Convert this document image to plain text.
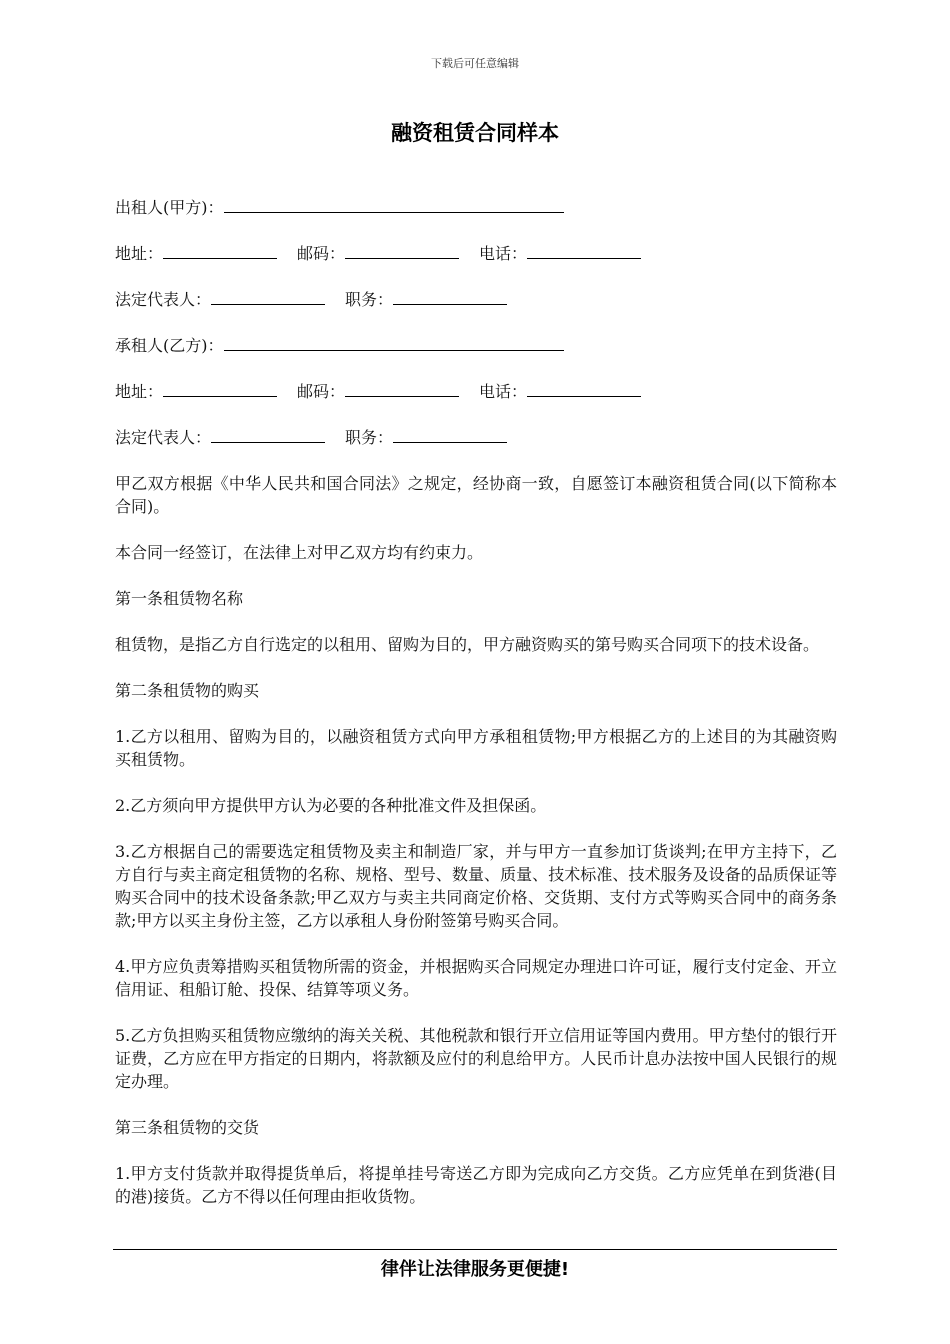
下载后可任意编辑
融资租赁合同样本
出租人(甲方)：
地址：	邮码：	电话：
法定代表人：	职务：
承租人(乙方)：
地址：	邮码：	电话：
法定代表人：	职务：

甲乙双方根据《中华人民共和国合同法》之规定，经协商一致，自愿签订本融资租赁合同(以下简称本合同)。

本合同一经签订，在法律上对甲乙双方均有约束力。

第一条租赁物名称

租赁物，是指乙方自行选定的以租用、留购为目的，甲方融资购买的第号购买合同项下的技术设备。

第二条租赁物的购买

1.乙方以租用、留购为目的，以融资租赁方式向甲方承租租赁物;甲方根据乙方的上述目的为其融资购买租赁物。

2.乙方须向甲方提供甲方认为必要的各种批准文件及担保函。

3.乙方根据自己的需要选定租赁物及卖主和制造厂家，并与甲方一直参加订货谈判;在甲方主持下，乙方自行与卖主商定租赁物的名称、规格、型号、数量、质量、技术标准、技术服务及设备的品质保证等购买合同中的技术设备条款;甲乙双方与卖主共同商定价格、交货期、支付方式等购买合同中的商务条款;甲方以买主身份主签，乙方以承租人身份附签第号购买合同。

4.甲方应负责筹措购买租赁物所需的资金，并根据购买合同规定办理进口许可证，履行支付定金、开立信用证、租船订舱、投保、结算等项义务。

5.乙方负担购买租赁物应缴纳的海关关税、其他税款和银行开立信用证等国内费用。甲方垫付的银行开证费，乙方应在甲方指定的日期内，将款额及应付的利息给甲方。人民币计息办法按中国人民银行的规定办理。

第三条租赁物的交货

1.甲方支付货款并取得提货单后，将提单挂号寄送乙方即为完成向乙方交货。乙方应凭单在到货港(目的港)接货。乙方不得以任何理由拒收货物。

律伴让法律服务更便捷!
